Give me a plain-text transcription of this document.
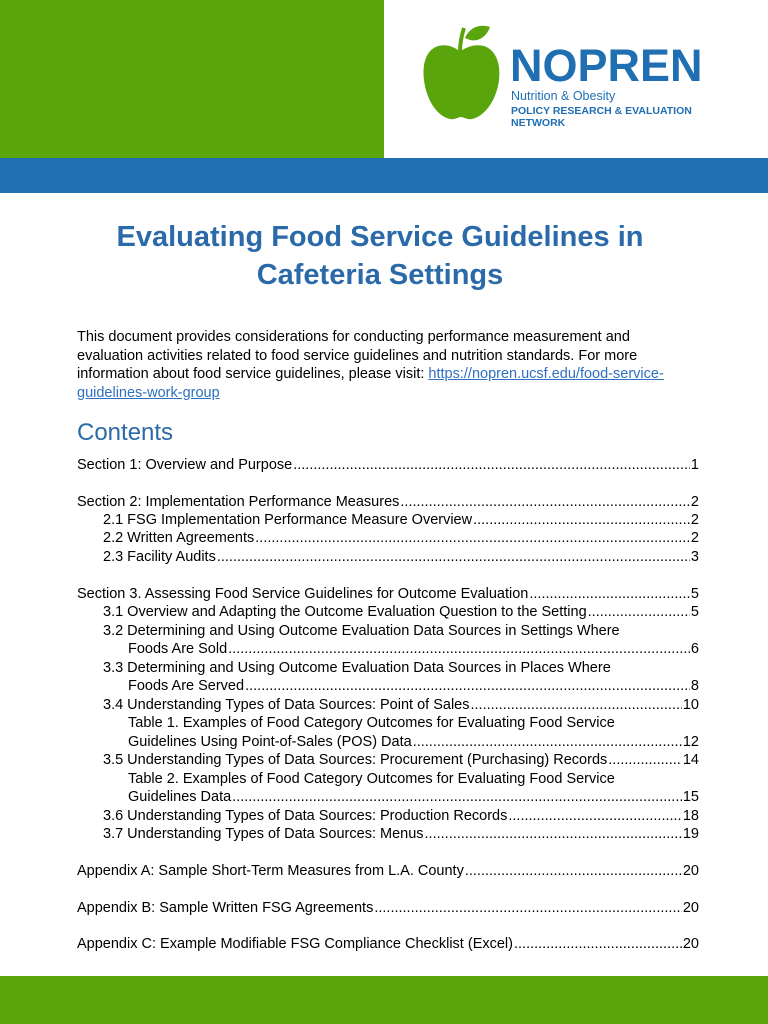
NOPREN
Nutrition & Obesity
POLICY RESEARCH & EVALUATION NETWORK
Evaluating Food Service Guidelines in Cafeteria Settings

This document provides considerations for conducting performance measurement and evaluation activities related to food service guidelines and nutrition standards. For more information about food service guidelines, please visit: https://nopren.ucsf.edu/food-service-guidelines-work-group

Contents
Section 1: Overview and Purpose .....	1
Section 2: Implementation Performance Measures .....	2
2.1 FSG Implementation Performance Measure Overview .....	2
2.2 Written Agreements .....	2
2.3 Facility Audits .....	3
Section 3. Assessing Food Service Guidelines for Outcome Evaluation .....	5
3.1 Overview and Adapting the Outcome Evaluation Question to the Setting .....	5
3.2 Determining and Using Outcome Evaluation Data Sources in Settings Where
Foods Are Sold .....	6
3.3 Determining and Using Outcome Evaluation Data Sources in Places Where
Foods Are Served .....	8
3.4 Understanding Types of Data Sources: Point of Sales .....	10
Table 1. Examples of Food Category Outcomes for Evaluating Food Service
Guidelines Using Point-of-Sales (POS) Data .....	12
3.5 Understanding Types of Data Sources: Procurement (Purchasing) Records .....	14
Table 2. Examples of Food Category Outcomes for Evaluating Food Service
Guidelines Data .....	15
3.6 Understanding Types of Data Sources: Production Records .....	18
3.7 Understanding Types of Data Sources: Menus .....	19
Appendix A: Sample Short-Term Measures from L.A. County .....	20
Appendix B: Sample Written FSG Agreements .....	20
Appendix C: Example Modifiable FSG Compliance Checklist (Excel) .....	20
